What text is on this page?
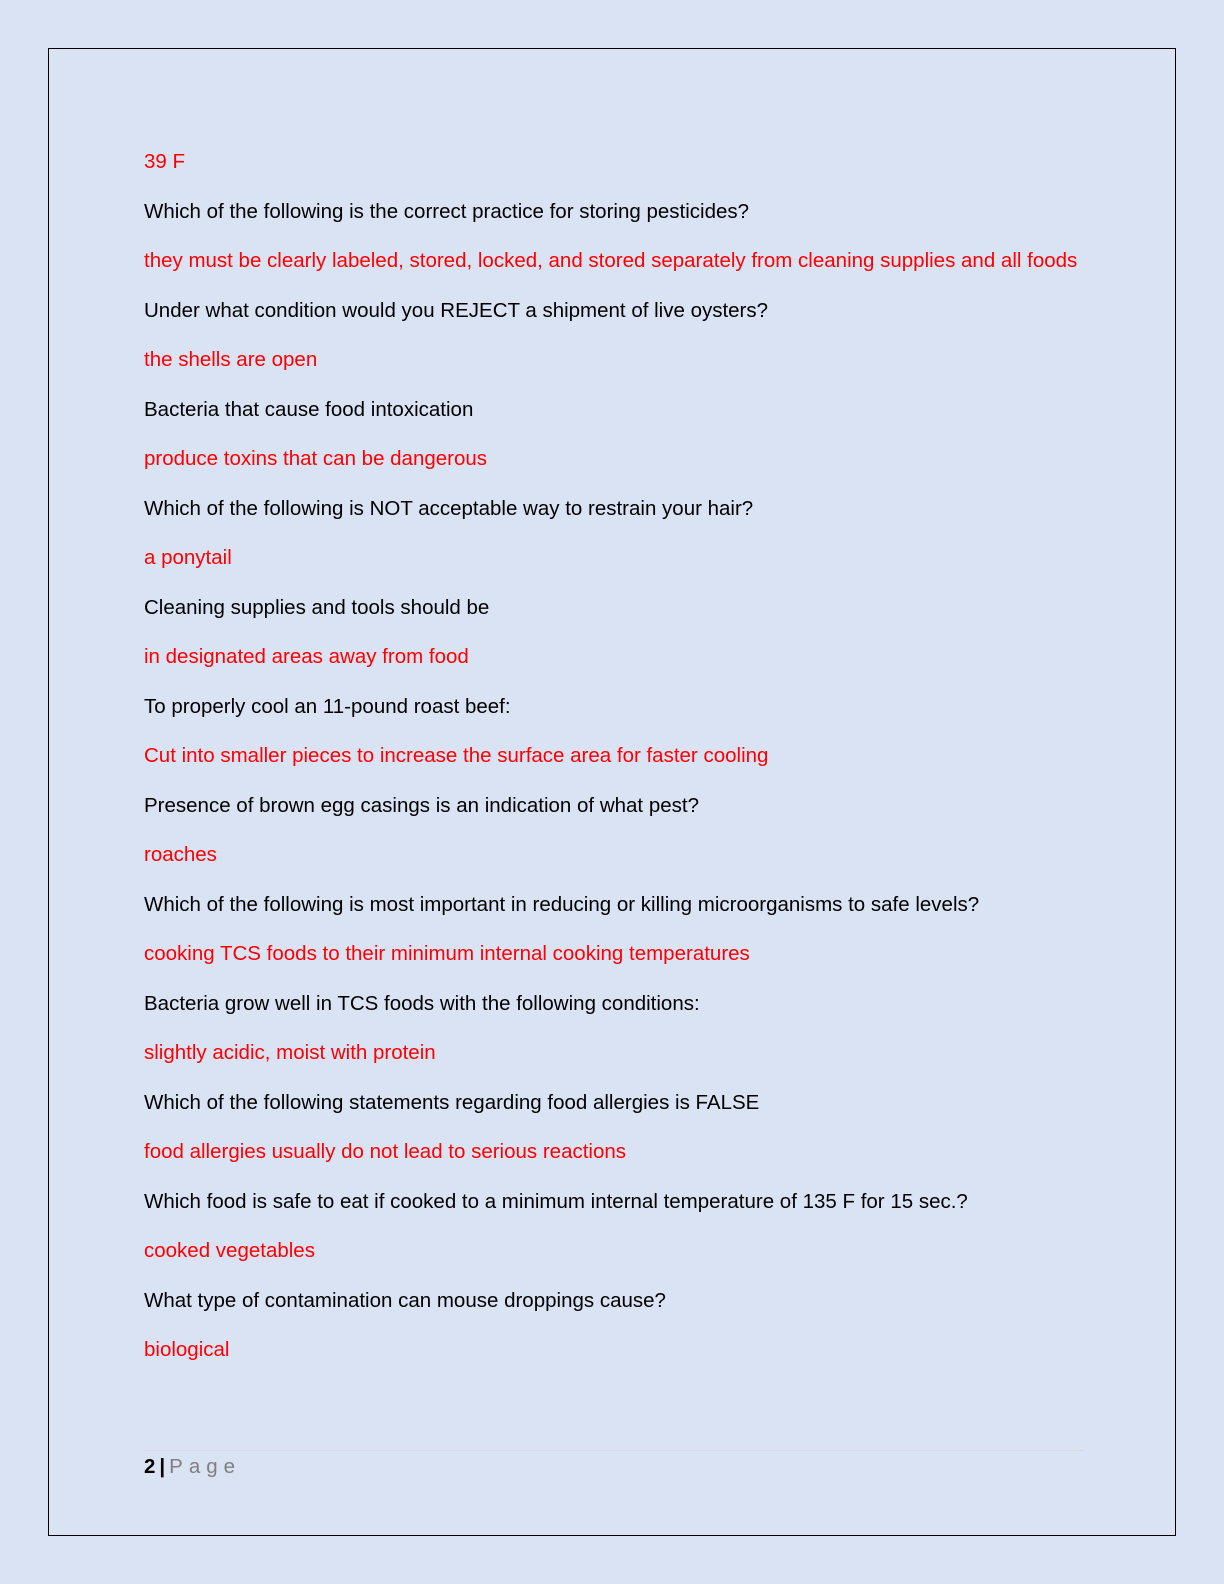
39 F

Which of the following is the correct practice for storing pesticides?

they must be clearly labeled, stored, locked, and stored separately from cleaning supplies and all foods

Under what condition would you REJECT a shipment of live oysters?

the shells are open

Bacteria that cause food intoxication

produce toxins that can be dangerous

Which of the following is NOT acceptable way to restrain your hair?

a ponytail

Cleaning supplies and tools should be

in designated areas away from food

To properly cool an 11-pound roast beef:

Cut into smaller pieces to increase the surface area for faster cooling

Presence of brown egg casings is an indication of what pest?

roaches

Which of the following is most important in reducing or killing microorganisms to safe levels?

cooking TCS foods to their minimum internal cooking temperatures

Bacteria grow well in TCS foods with the following conditions:

slightly acidic, moist with protein

Which of the following statements regarding food allergies is FALSE

food allergies usually do not lead to serious reactions

Which food is safe to eat if cooked to a minimum internal temperature of 135 F for 15 sec.?

cooked vegetables

What type of contamination can mouse droppings cause?

biological

2 | Page
